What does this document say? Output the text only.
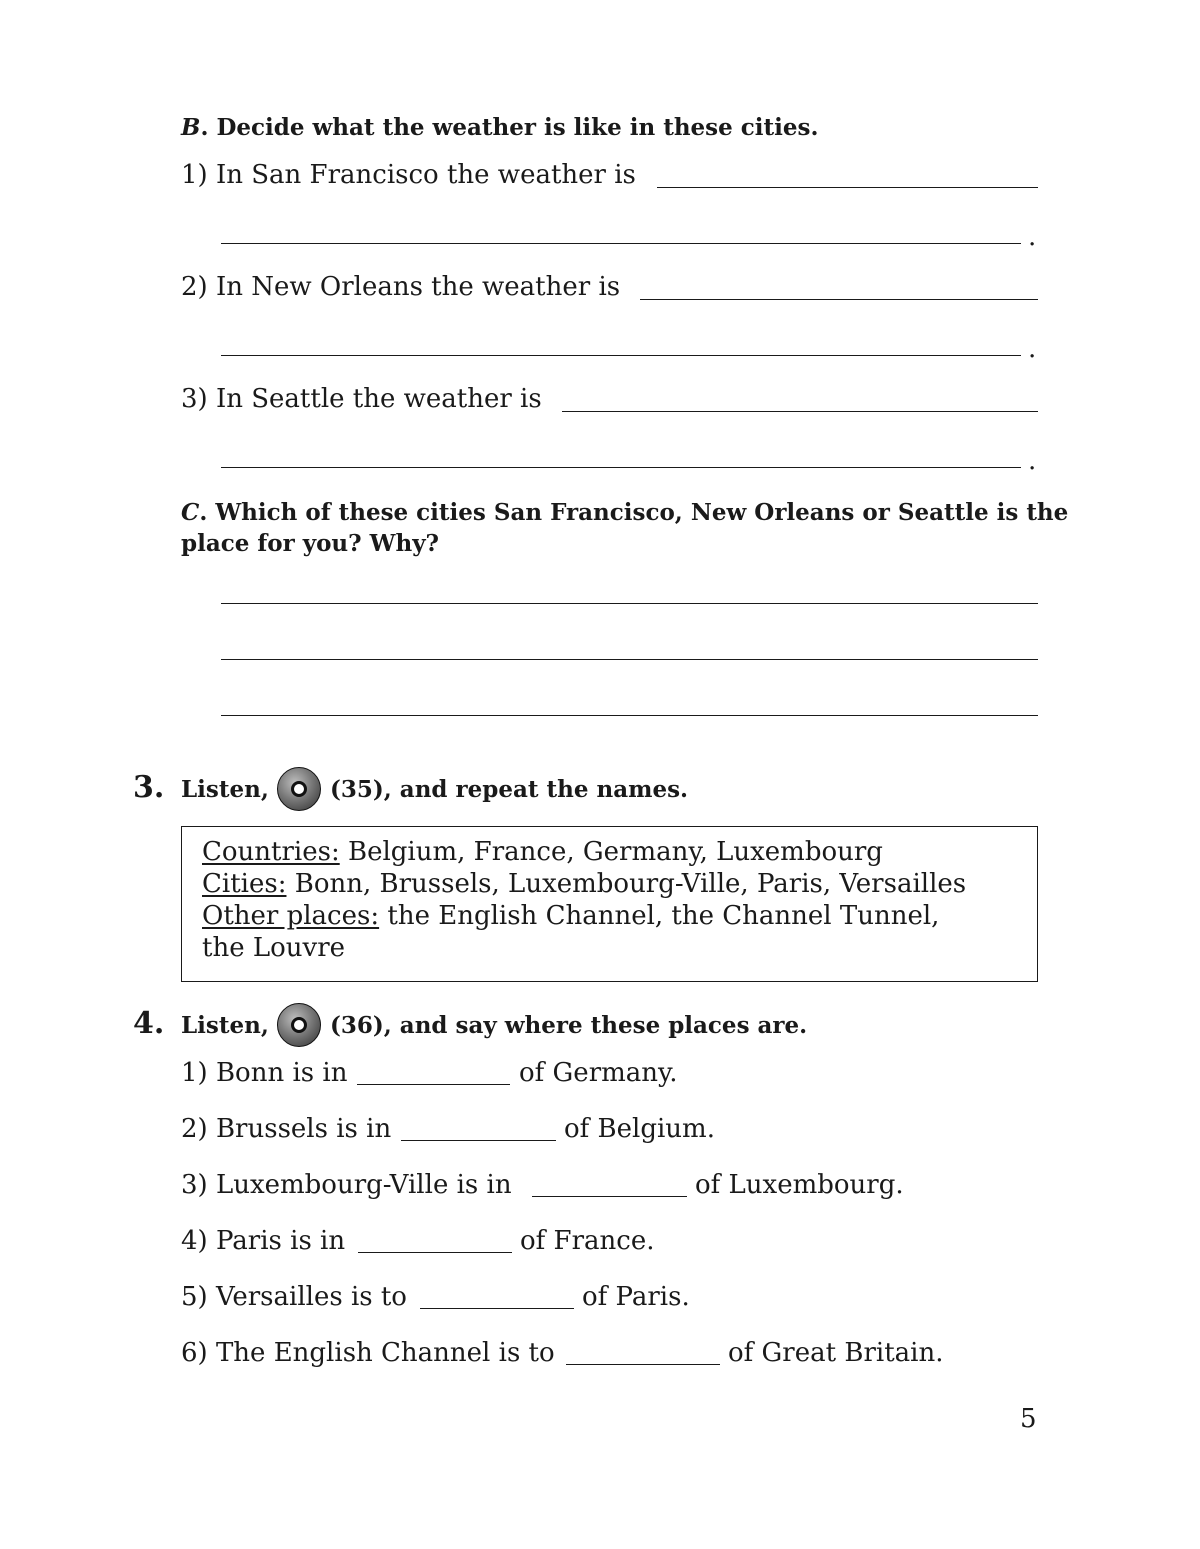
B. Decide what the weather is like in these cities.
1) In San Francisco the weather is
.
2) In New Orleans the weather is
.
3) In Seattle the weather is
.
C. Which of these cities San Francisco, New Orleans or Seattle is the
place for you? Why?
3. Listen,	(35), and repeat the names.
Countries: Belgium, France, Germany, Luxembourg
Cities: Bonn, Brussels, Luxembourg-Ville, Paris, Versailles
Other places: the English Channel, the Channel Tunnel,
the Louvre
4. Listen,	(36), and say where these places are.
1) Bonn is in	of Germany.
2) Brussels is in	of Belgium.
3) Luxembourg-Ville is in	of Luxembourg.
4) Paris is in	of France.
5) Versailles is to	of Paris.
6) The English Channel is to	of Great Britain.
5
